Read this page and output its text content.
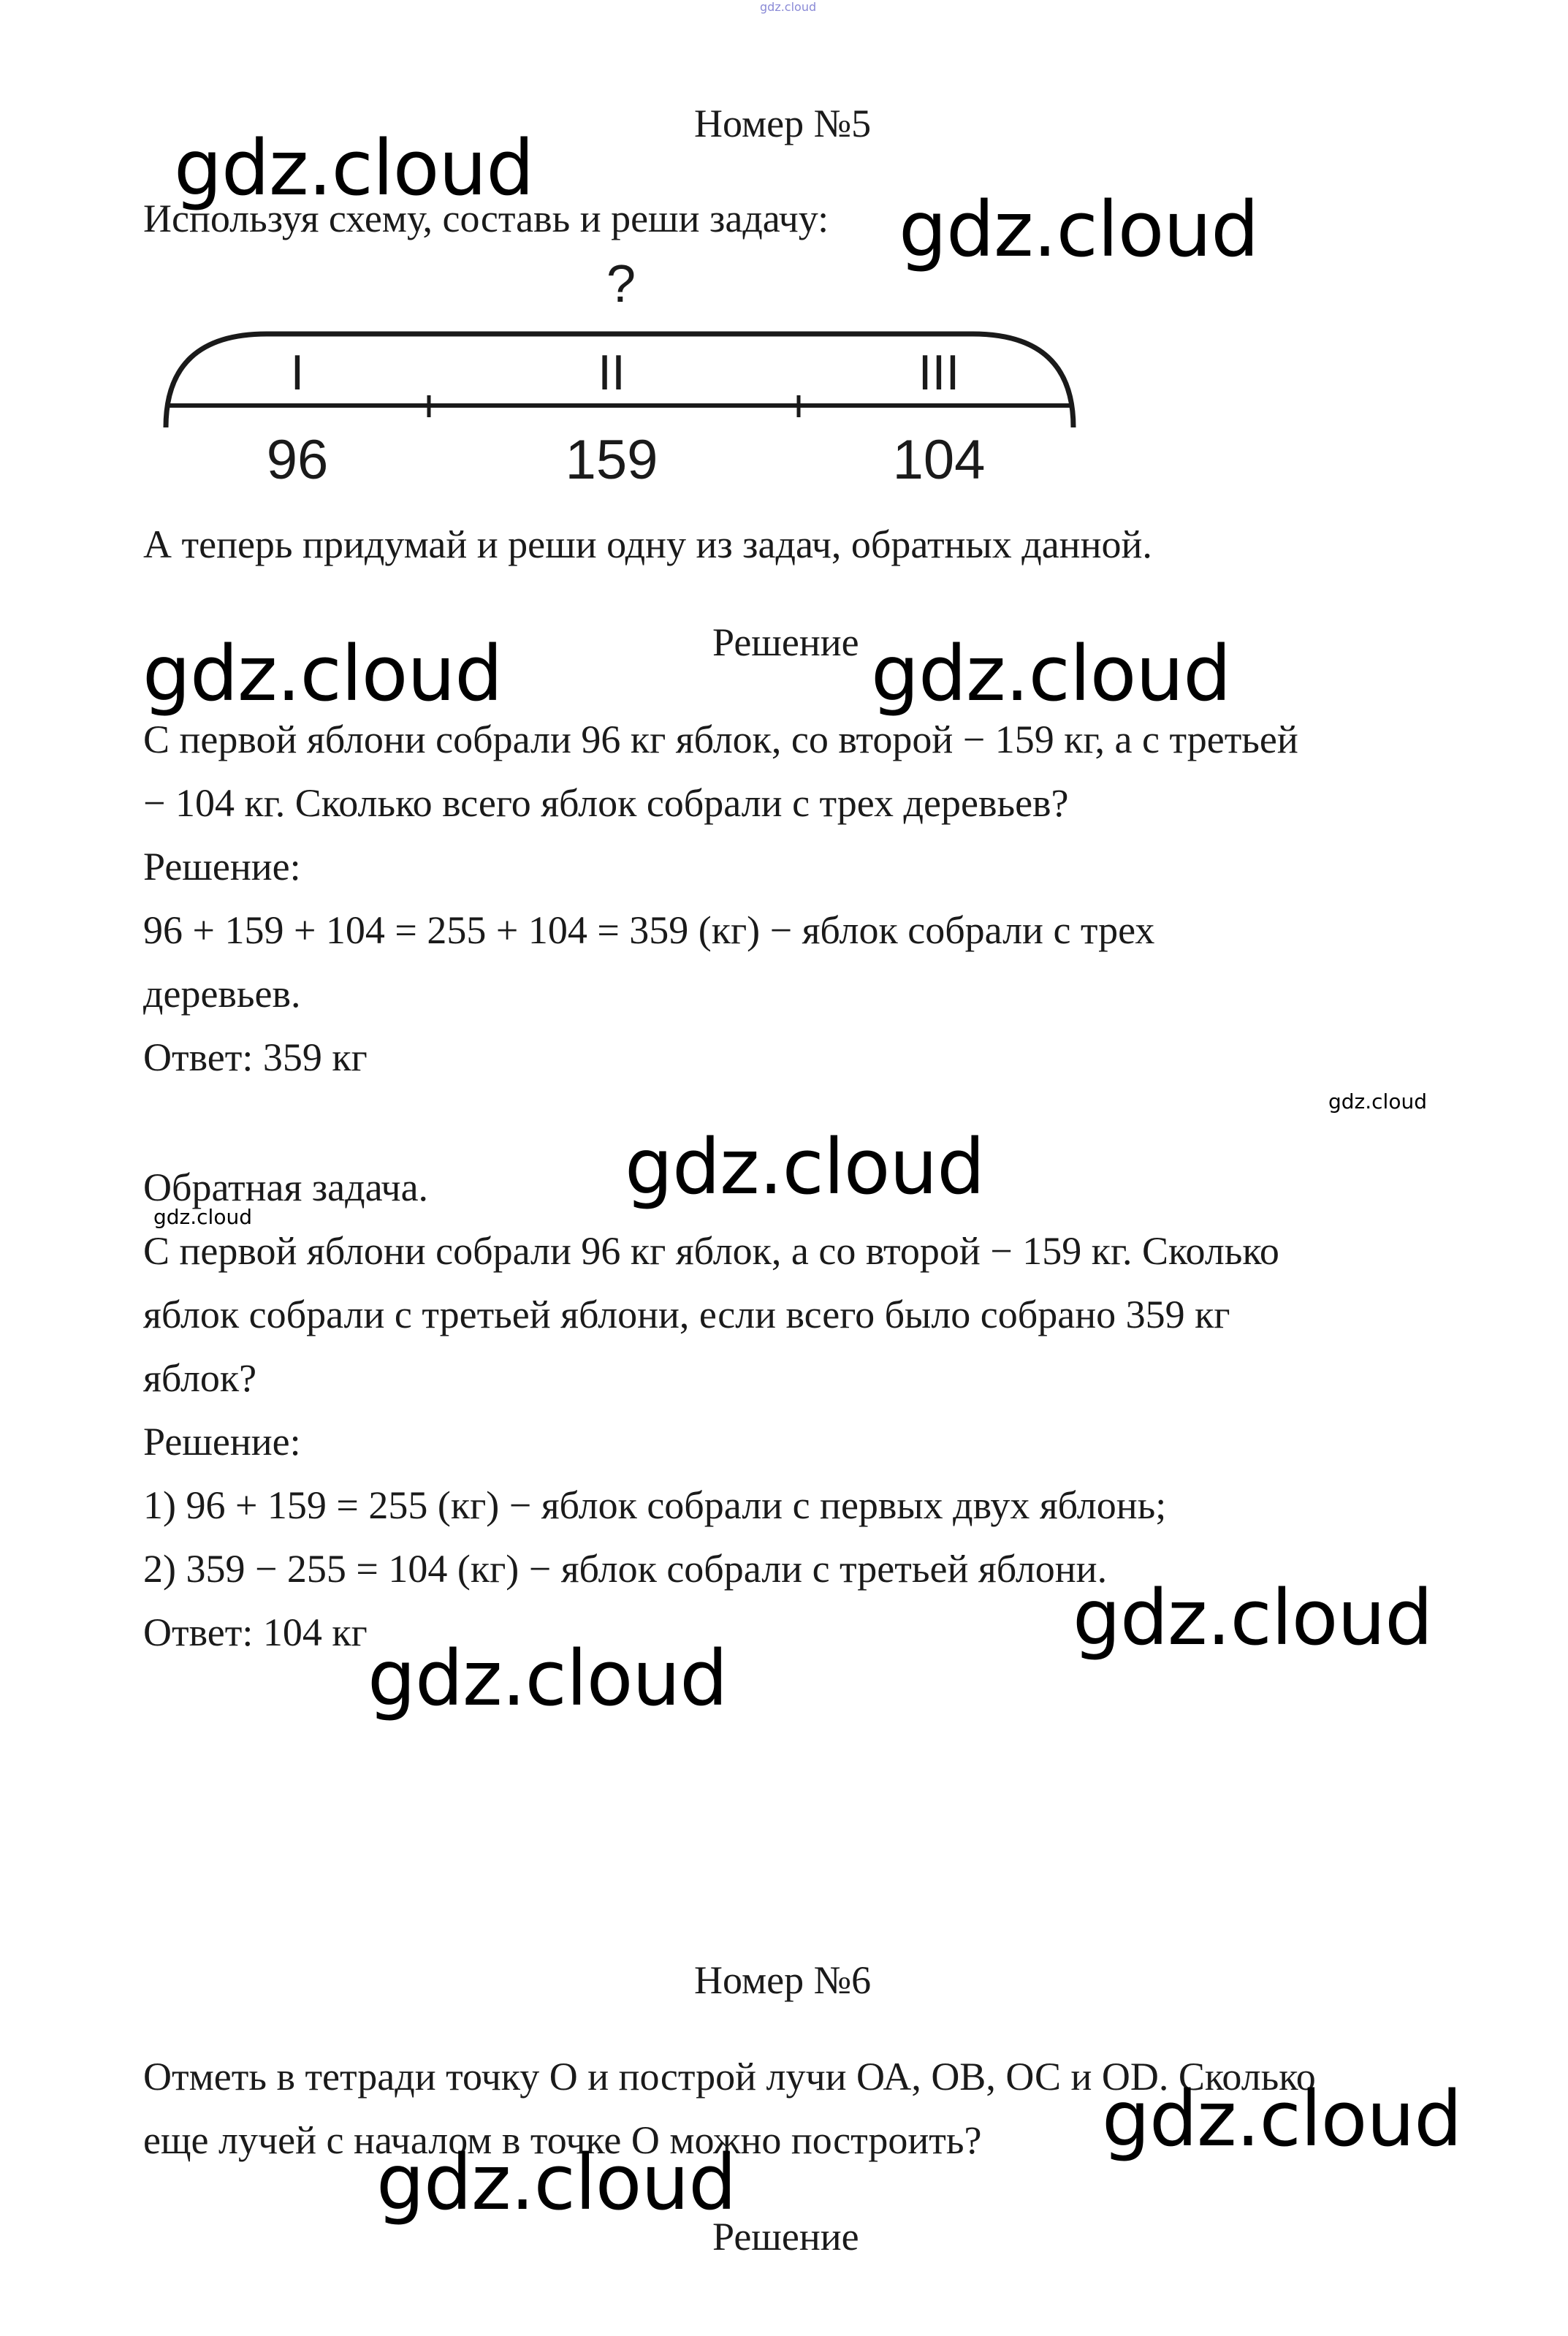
gdz.cloud
Номер №5
gdz.cloud
Используя схему, составь и реши задачу: gdz.cloud
?
I	II	III
96	159	104
А теперь придумай и реши одну из задач, обратных данной.
Решение
gdz.cloud	gdz.cloud
С первой яблони собрали 96 кг яблок, со второй − 159 кг, а с третьей
− 104 кг. Сколько всего яблок собрали с трех деревьев?
Решение:
96 + 159 + 104 = 255 + 104 = 359 (кг) − яблок собрали с трех
деревьев.
Ответ: 359 кг
gdz.cloud
Обратная задача.	gdz.cloud
gdz.cloud
С первой яблони собрали 96 кг яблок, а со второй − 159 кг. Сколько
яблок собрали с третьей яблони, если всего было собрано 359 кг
яблок?
Решение:
1) 96 + 159 = 255 (кг) − яблок собрали с первых двух яблонь;
2) 359 − 255 = 104 (кг) − яблок собрали с третьей яблони.
Ответ: 104 кг	gdz.cloud
gdz.cloud
Номер №6
Отметь в тетради точку О и построй лучи ОА, ОВ, ОС и OD. Сколько
еще лучей с началом в точке О можно построить? gdz.cloud
gdz.cloud
Решение
